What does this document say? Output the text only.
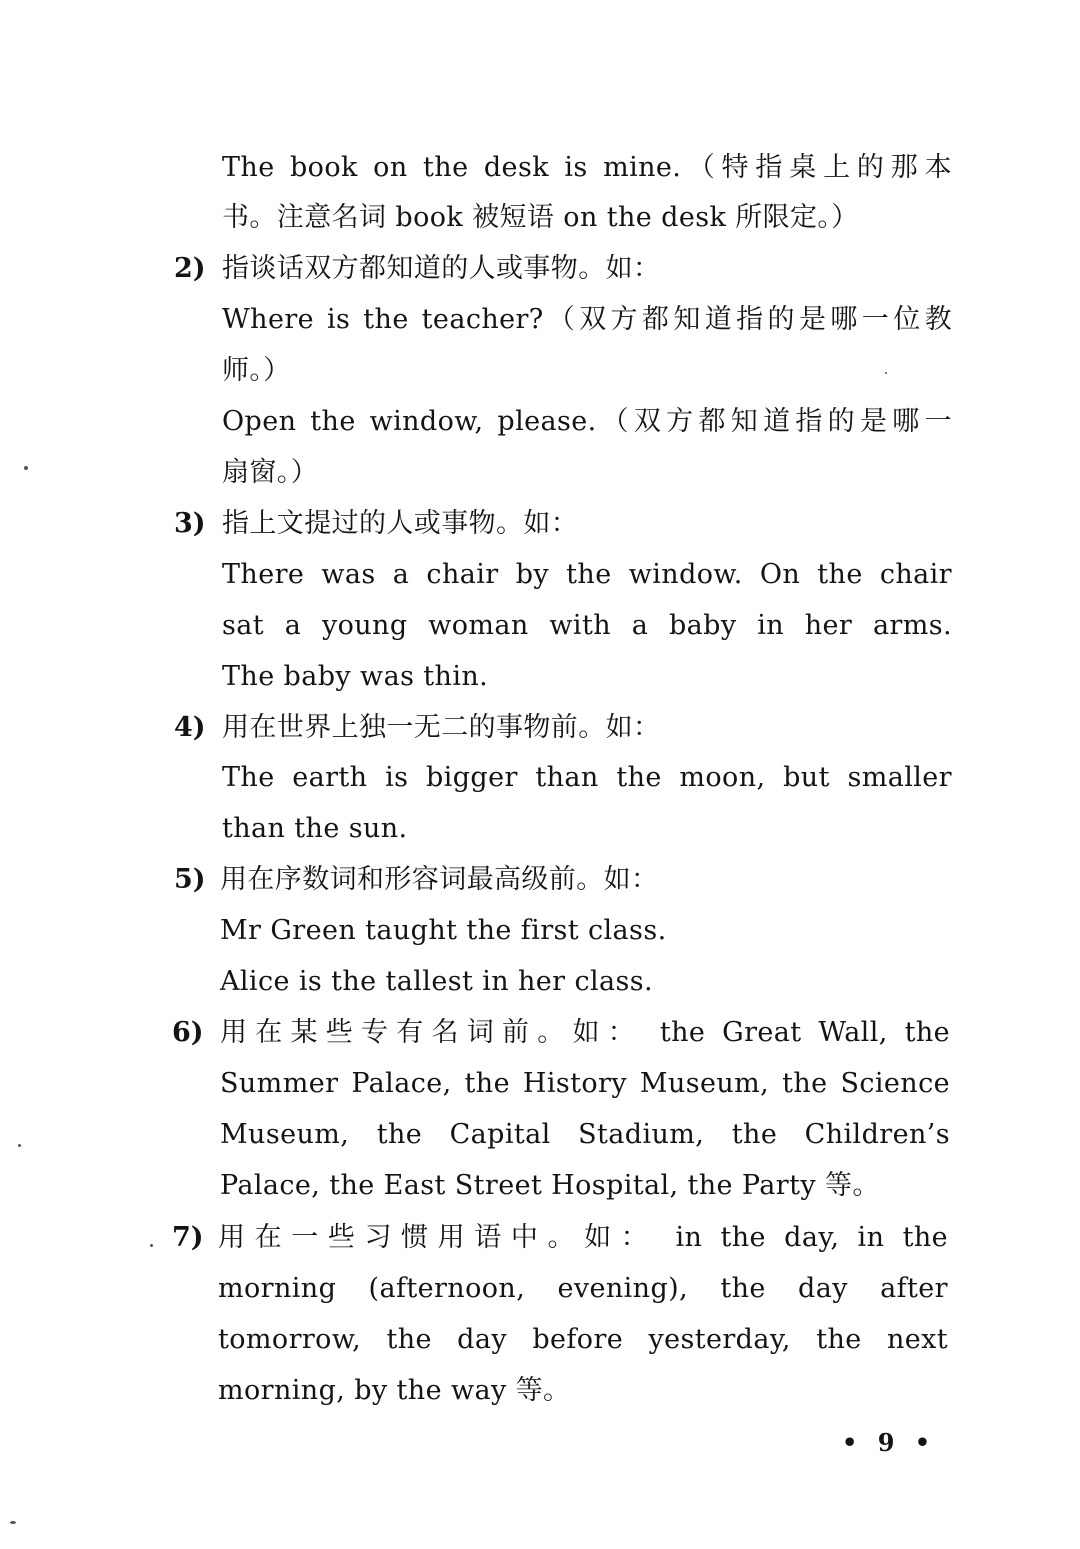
The book on the desk is mine.（特指桌上的那本
书。注意名词 book 被短语 on the desk 所限定。）
2) 指谈话双方都知道的人或事物。如：
Where is the teacher?（双方都知道指的是哪一位教
师。）
Open the window, please.（双方都知道指的是哪一
扇窗。）
3) 指上文提过的人或事物。如：
There was a chair by the window. On the chair
sat a young woman with a baby in her arms.
The baby was thin.
4) 用在世界上独一无二的事物前。如：
The earth is bigger than the moon, but smaller
than the sun.
5) 用在序数词和形容词最高级前。如：
Mr Green taught the first class.
Alice is the tallest in her class.
6) 用在某些专有名词前。如： the Great Wall, the
Summer Palace, the History Museum, the Science
Museum, the Capital Stadium, the Children’s
Palace, the East Street Hospital, the Party 等。
7) 用在一些习惯用语中。如： in the day, in the
morning (afternoon, evening), the day after
tomorrow, the day before yesterday, the next
morning, by the way 等。
• 9 •
